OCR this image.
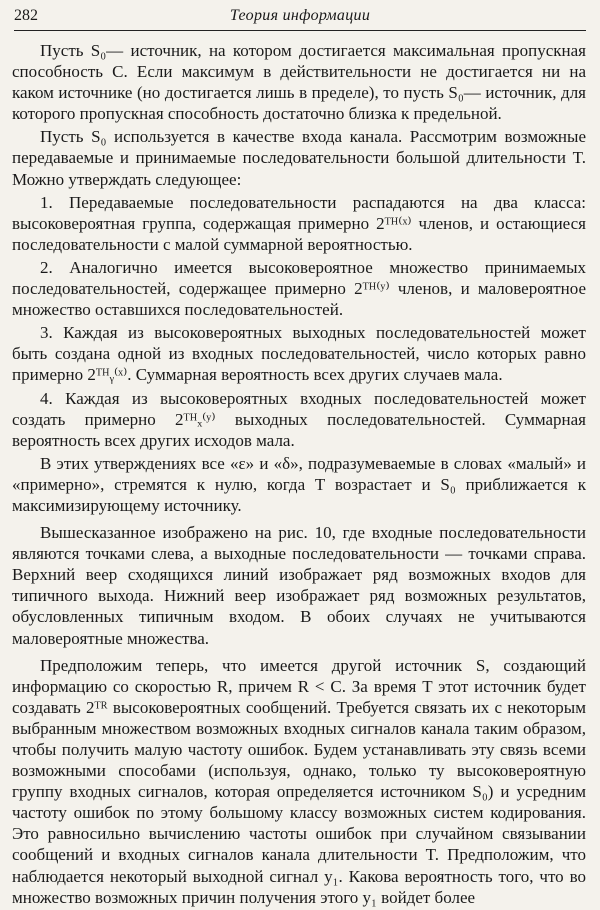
282	Теория информации

Пусть S₀— источник, на котором достигается максимальная пропускная способность C. Если максимум в действительности не достигается ни на каком источнике (но достигается лишь в пределе), то пусть S₀— источник, для которого пропускная способность достаточно близка к предельной.

Пусть S₀ используется в качестве входа канала. Рассмотрим возможные передаваемые и принимаемые последовательности большой длительности T. Можно утверждать следующее:

1. Передаваемые последовательности распадаются на два класса: высоковероятная группа, содержащая примерно 2ᵀᴴ⁽ˣ⁾ членов, и остающиеся последовательности с малой суммарной вероятностью.

2. Аналогично имеется высоковероятное множество принимаемых последовательностей, содержащее примерно 2ᵀᴴ⁽ʸ⁾ членов, и маловероятное множество оставшихся последовательностей.

3. Каждая из высоковероятных выходных последовательностей может быть создана одной из входных последовательностей, число которых равно примерно 2ᵀᴴᵧ⁽ˣ⁾. Суммарная вероятность всех других случаев мала.

4. Каждая из высоковероятных входных последовательностей может создать примерно 2ᵀᴴₓ⁽ʸ⁾ выходных последовательностей. Суммарная вероятность всех других исходов мала.

В этих утверждениях все «ε» и «δ», подразумеваемые в словах «малый» и «примерно», стремятся к нулю, когда T возрастает и S₀ приближается к максимизирующему источнику.

Вышесказанное изображено на рис. 10, где входные последовательности являются точками слева, а выходные последовательности — точками справа. Верхний веер сходящихся линий изображает ряд возможных входов для типичного выхода. Нижний веер изображает ряд возможных результатов, обусловленных типичным входом. В обоих случаях не учитываются маловероятные множества.

Предположим теперь, что имеется другой источник S, создающий информацию со скоростью R, причем R < C. За время T этот источник будет создавать 2ᵀᴿ высоковероятных сообщений. Требуется связать их с некоторым выбранным множеством возможных входных сигналов канала таким образом, чтобы получить малую частоту ошибок. Будем устанавливать эту связь всеми возможными способами (используя, однако, только ту высоковероятную группу входных сигналов, которая определяется источником S₀) и усредним частоту ошибок по этому большому классу возможных систем кодирования. Это равносильно вычислению частоты ошибок при случайном связывании сообщений и входных сигналов канала длительности T. Предположим, что наблюдается некоторый выходной сигнал y₁. Какова вероятность того, что во множество возможных причин получения этого y₁ войдет более
